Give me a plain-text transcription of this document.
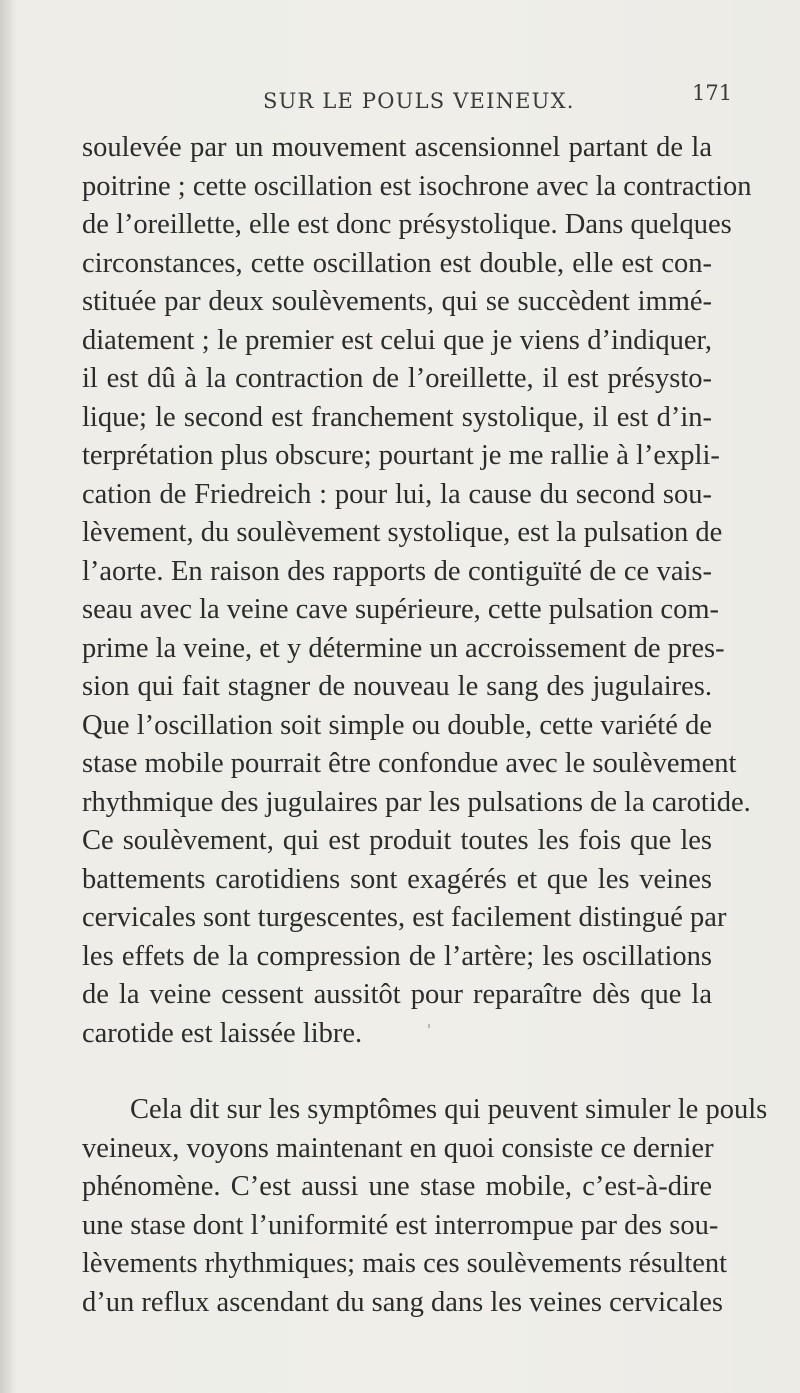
SUR LE POULS VEINEUX.	171
soulevée par un mouvement ascensionnel partant de la
poitrine ; cette oscillation est isochrone avec la contraction
de l’oreillette, elle est donc présystolique. Dans quelques
circonstances, cette oscillation est double, elle est con-
stituée par deux soulèvements, qui se succèdent immé-
diatement ; le premier est celui que je viens d’indiquer,
il est dû à la contraction de l’oreillette, il est présysto-
lique; le second est franchement systolique, il est d’in-
terprétation plus obscure; pourtant je me rallie à l’expli-
cation de Friedreich : pour lui, la cause du second sou-
lèvement, du soulèvement systolique, est la pulsation de
l’aorte. En raison des rapports de contiguïté de ce vais-
seau avec la veine cave supérieure, cette pulsation com-
prime la veine, et y détermine un accroissement de pres-
sion qui fait stagner de nouveau le sang des jugulaires.
Que l’oscillation soit simple ou double, cette variété de
stase mobile pourrait être confondue avec le soulèvement
rhythmique des jugulaires par les pulsations de la carotide.
Ce soulèvement, qui est produit toutes les fois que les
battements carotidiens sont exagérés et que les veines
cervicales sont turgescentes, est facilement distingué par
les effets de la compression de l’artère; les oscillations
de la veine cessent aussitôt pour reparaître dès que la
carotide est laissée libre.
Cela dit sur les symptômes qui peuvent simuler le pouls
veineux, voyons maintenant en quoi consiste ce dernier
phénomène. C’est aussi une stase mobile, c’est-à-dire
une stase dont l’uniformité est interrompue par des sou-
lèvements rhythmiques; mais ces soulèvements résultent
d’un reflux ascendant du sang dans les veines cervicales
